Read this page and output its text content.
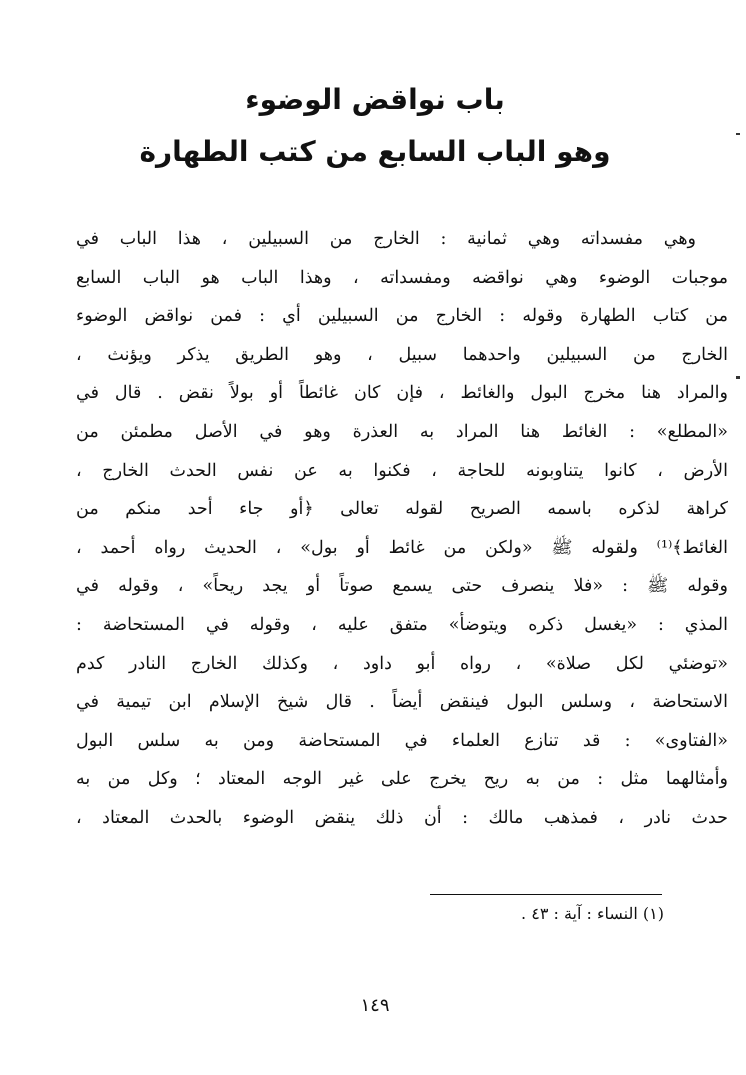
باب نواقض الوضوء
وهو الباب السابع من كتب الطهارة
وهي مفسداته وهي ثمانية : الخارج من السبيلين ، هذا الباب في
موجبات الوضوء وهي نواقضه ومفسداته ، وهذا الباب هو الباب السابع
من كتاب الطهارة وقوله : الخارج من السبيلين أي : فمن نواقض الوضوء
الخارج من السبيلين واحدهما سبيل ، وهو الطريق يذكر ويؤنث ،
والمراد هنا مخرج البول والغائط ، فإن كان غائطاً أو بولاً نقض . قال في
«المطلع» : الغائط هنا المراد به العذرة وهو في الأصل مطمئن من
الأرض ، كانوا يتناوبونه للحاجة ، فكنوا به عن نفس الحدث الخارج ،
كراهة لذكره باسمه الصريح لقوله تعالى ﴿أو جاء أحد منكم من
الغائط﴾⁽¹⁾ ولقوله ﷺ «ولكن من غائط أو بول» ، الحديث رواه أحمد ،
وقوله ﷺ : «فلا ينصرف حتى يسمع صوتاً أو يجد ريحاً» ، وقوله في
المذي : «يغسل ذكره ويتوضأ» متفق عليه ، وقوله في المستحاضة :
«توضئي لكل صلاة» ، رواه أبو داود ، وكذلك الخارج النادر كدم
الاستحاضة ، وسلس البول فينقض أيضاً . قال شيخ الإسلام ابن تيمية في
«الفتاوى» : قد تنازع العلماء في المستحاضة ومن به سلس البول
وأمثالهما مثل : من به ريح يخرج على غير الوجه المعتاد ؛ وكل من به
حدث نادر ، فمذهب مالك : أن ذلك ينقض الوضوء بالحدث المعتاد ،
(١) النساء : آية : ٤٣ .
١٤٩
